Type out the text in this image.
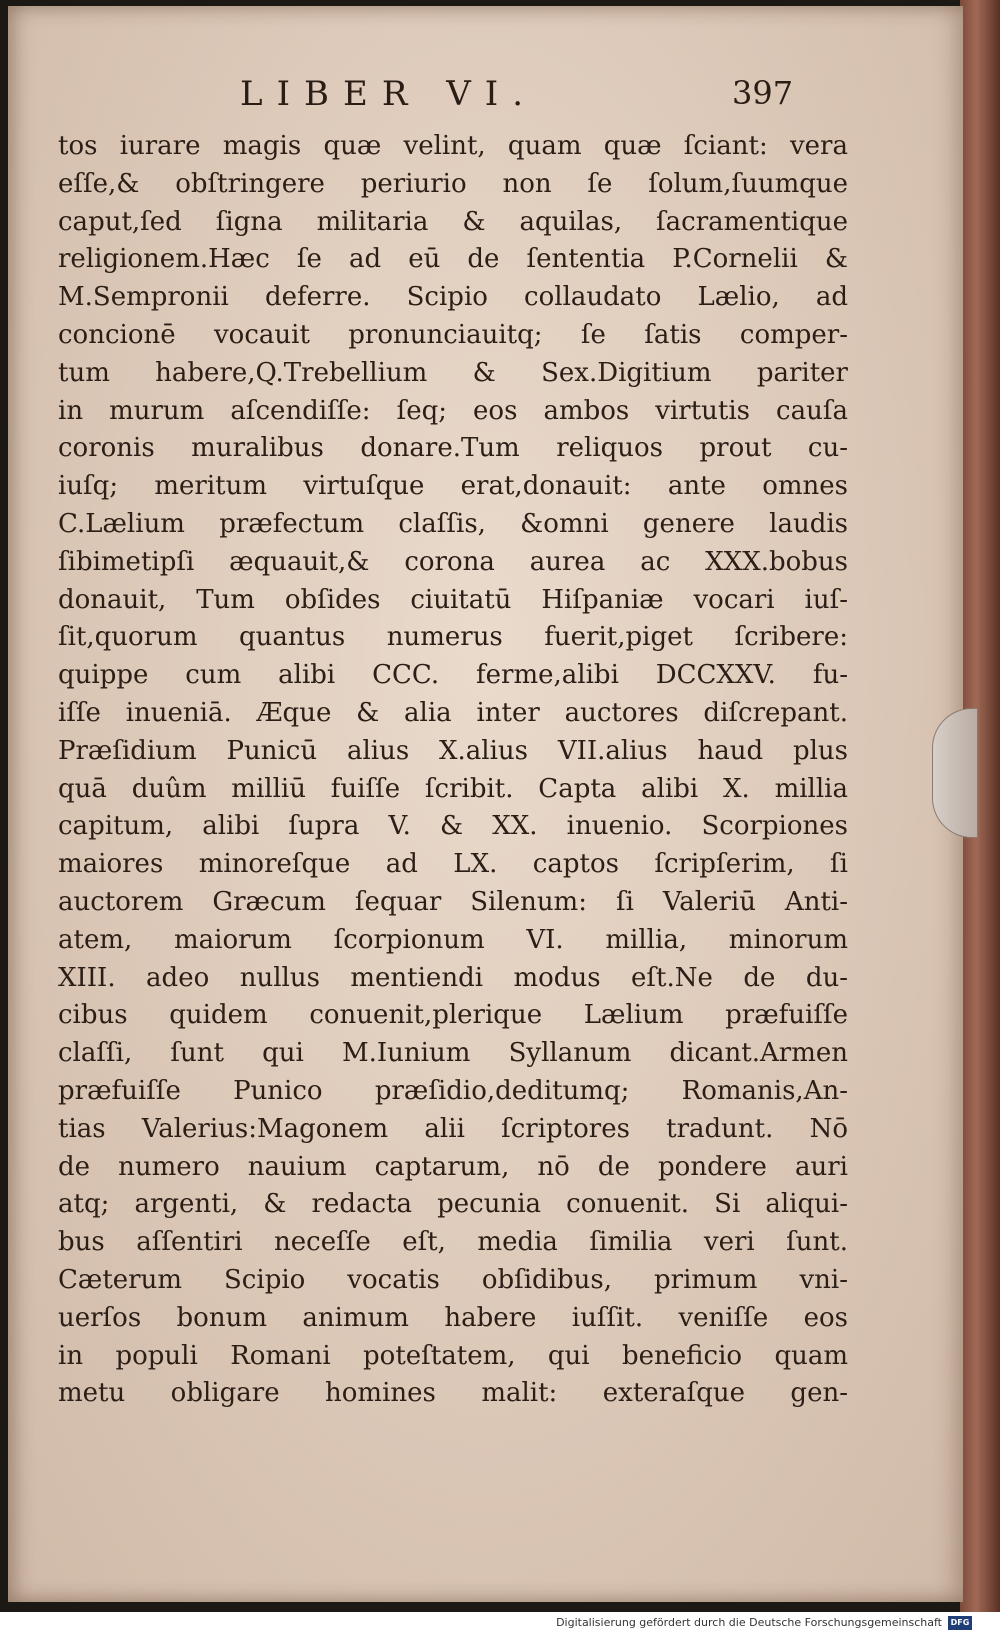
LIBER VI.	397
tos iurare magis quæ velint, quam quæ ſciant: vera
eſſe,& obſtringere periurio non ſe ſolum,ſuumque
caput,ſed ſigna militaria & aquilas, ſacramentique
religionem.Hæc ſe ad eū de ſententia P.Cornelii &
M.Sempronii deferre. Scipio collaudato Lælio, ad
concionē vocauit pronunciauitq; ſe ſatis comper-
tum habere,Q.Trebellium & Sex.Digitium pariter
in murum aſcendiſſe: ſeq; eos ambos virtutis cauſa
coronis muralibus donare.Tum reliquos prout cu-
iuſq; meritum virtuſque erat,donauit: ante omnes
C.Lælium præfectum claſſis, &omni genere laudis
ſibimetipſi æquauit,& corona aurea ac XXX.bobus
donauit, Tum obſides ciuitatū Hiſpaniæ vocari iuſ-
ſit,quorum quantus numerus fuerit,piget ſcribere:
quippe cum alibi CCC. ferme,alibi DCCXXV. fu-
iſſe inueniā. Æque & alia inter auctores diſcrepant.
Præſidium Punicū alius X.alius VII.alius haud plus
quā duûm milliū fuiſſe ſcribit. Capta alibi X. millia
capitum, alibi ſupra V. & XX. inuenio. Scorpiones
maiores minoreſque ad LX. captos ſcripſerim, ſi
auctorem Græcum ſequar Silenum: ſi Valeriū Anti-
atem, maiorum ſcorpionum VI. millia, minorum
XIII. adeo nullus mentiendi modus eſt.Ne de du-
cibus quidem conuenit,plerique Lælium præfuiſſe
claſſi, ſunt qui M.Iunium Syllanum dicant.Armen
præfuiſſe Punico præſidio,deditumq; Romanis,An-
tias Valerius:Magonem alii ſcriptores tradunt. Nō
de numero nauium captarum, nō de pondere auri
atq; argenti, & redacta pecunia conuenit. Si aliqui-
bus aſſentiri neceſſe eſt, media ſimilia veri ſunt.
Cæterum Scipio vocatis obſidibus, primum vni-
uerſos bonum animum habere iuſſit. veniſſe eos
in populi Romani poteſtatem, qui beneficio quam
metu obligare homines malit: exteraſque gen-
Digitalisierung gefördert durch die Deutsche Forschungsgemeinschaft	DFG
